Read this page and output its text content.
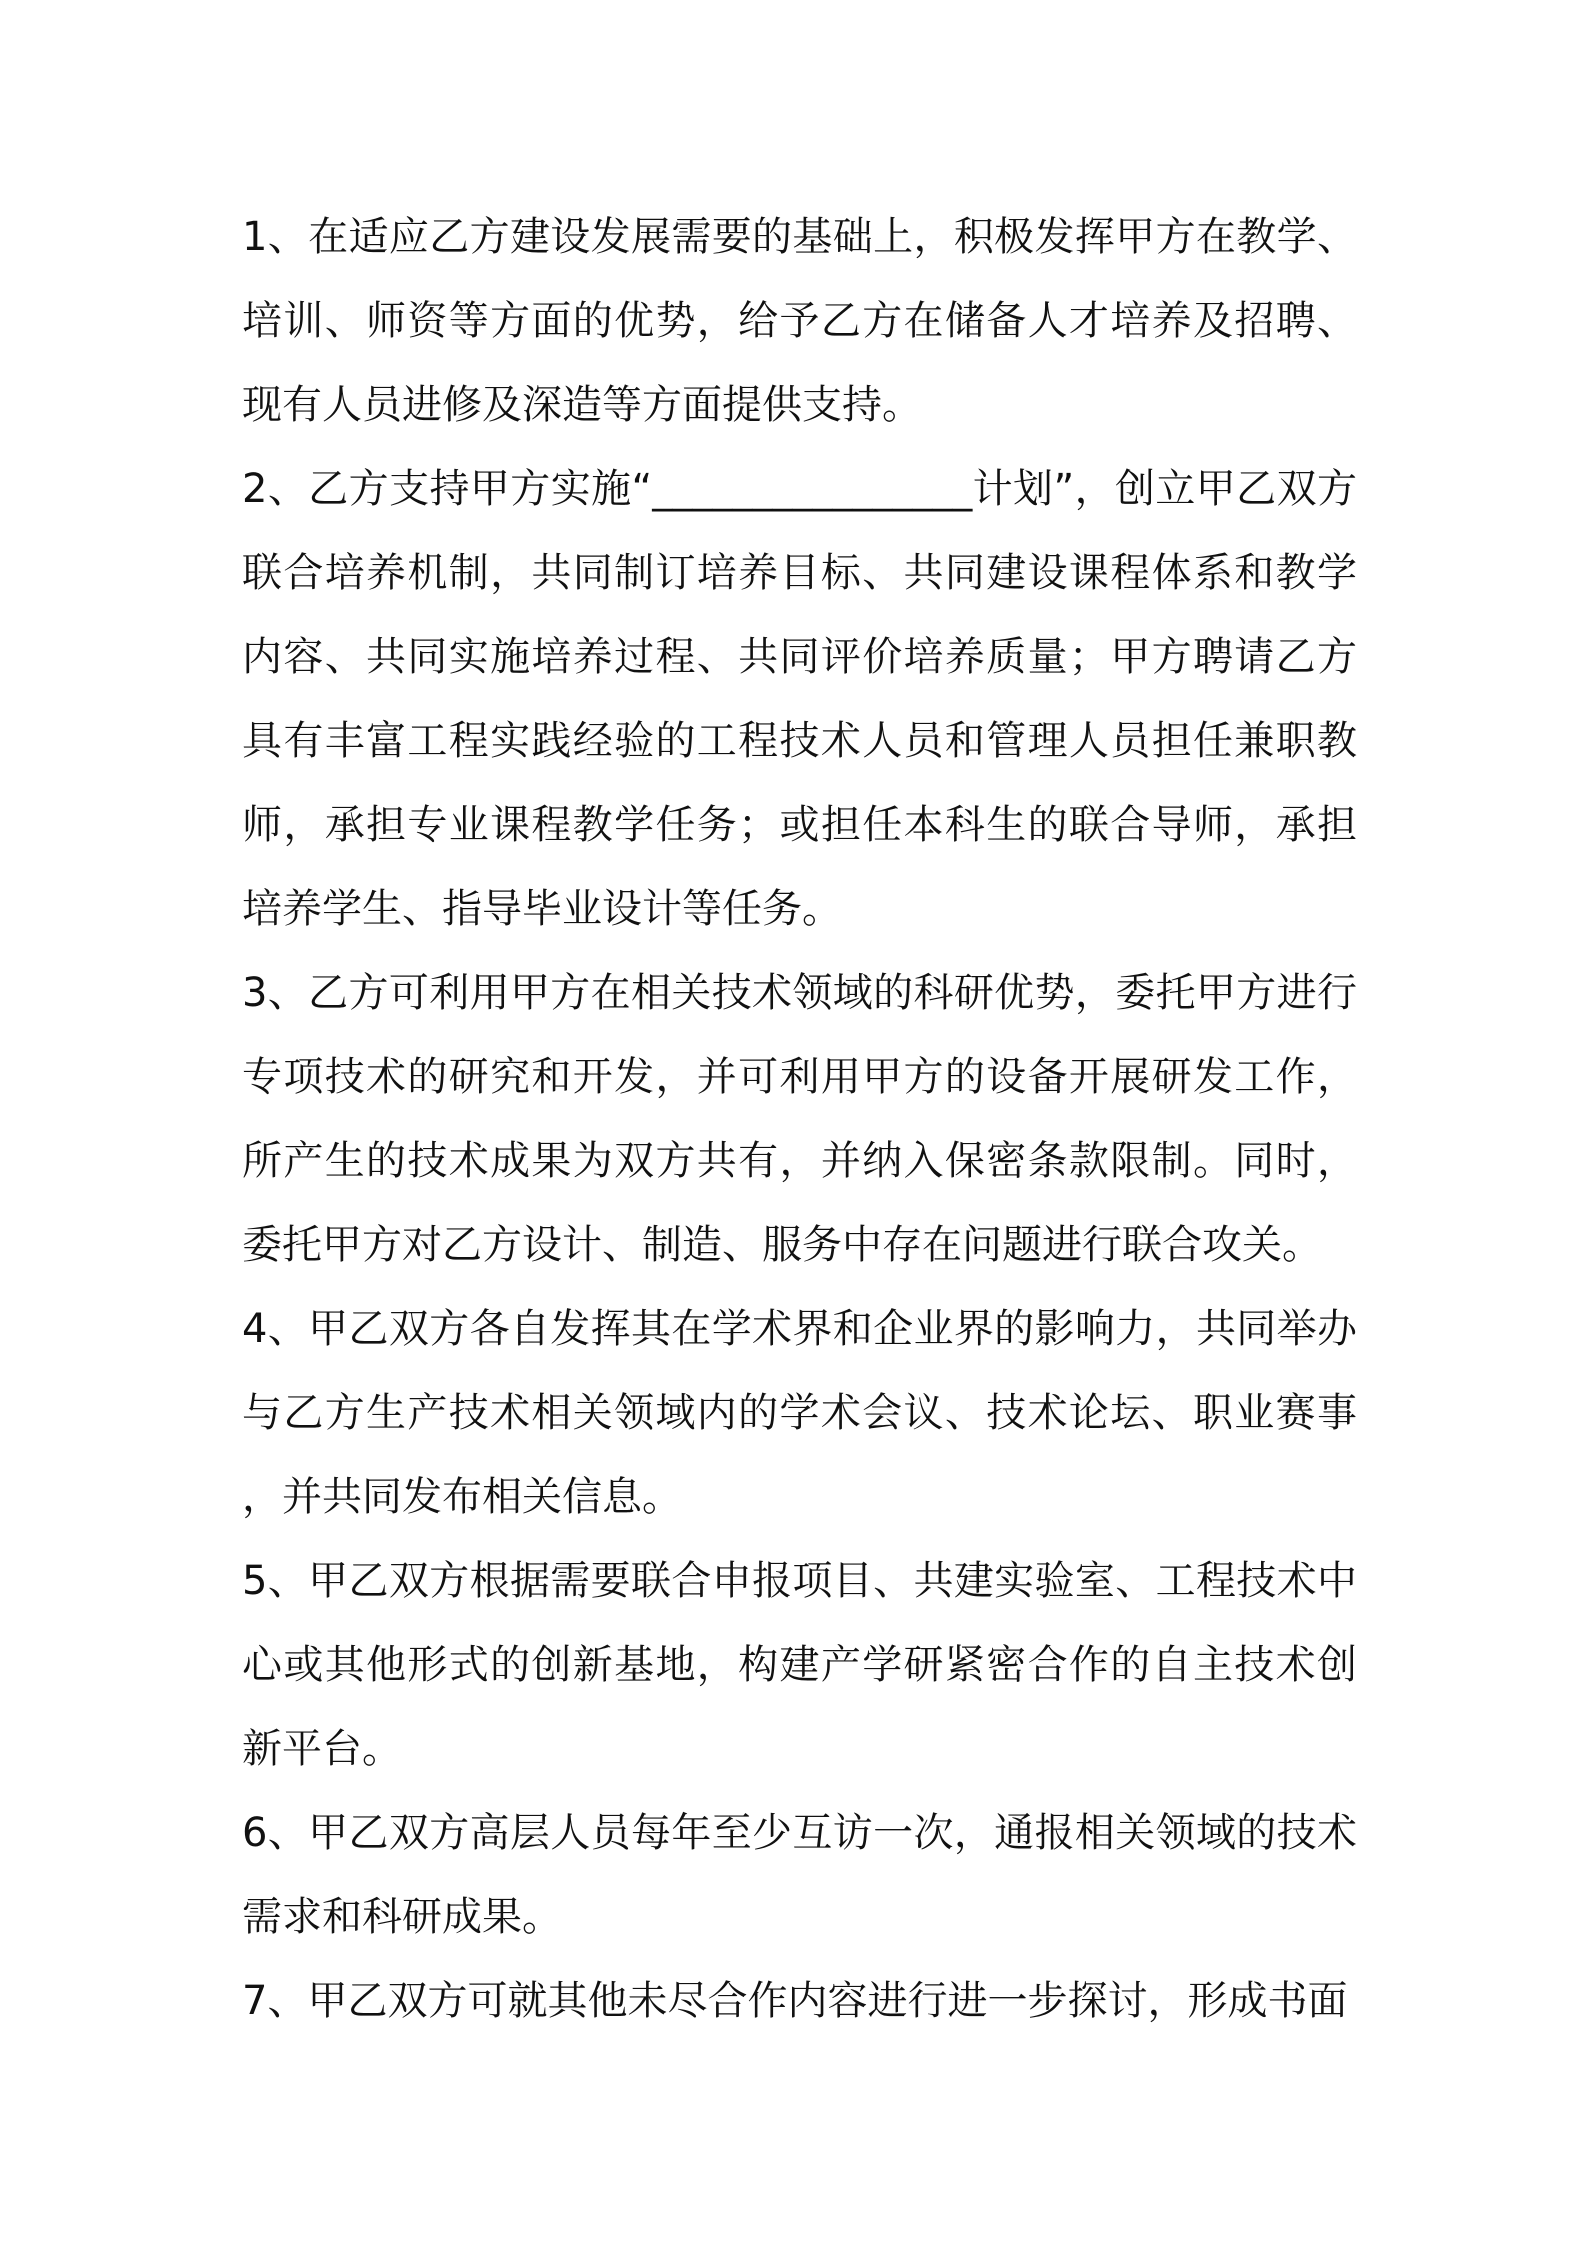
1、在适应乙方建设发展需要的基础上，积极发挥甲方在教学、培训、师资等方面的优势，给予乙方在储备人才培养及招聘、现有人员进修及深造等方面提供支持。

2、乙方支持甲方实施“________________计划”，创立甲乙双方联合培养机制，共同制订培养目标、共同建设课程体系和教学内容、共同实施培养过程、共同评价培养质量；甲方聘请乙方具有丰富工程实践经验的工程技术人员和管理人员担任兼职教师，承担专业课程教学任务；或担任本科生的联合导师，承担培养学生、指导毕业设计等任务。

3、乙方可利用甲方在相关技术领域的科研优势，委托甲方进行专项技术的研究和开发，并可利用甲方的设备开展研发工作，所产生的技术成果为双方共有，并纳入保密条款限制。同时，委托甲方对乙方设计、制造、服务中存在问题进行联合攻关。

4、甲乙双方各自发挥其在学术界和企业界的影响力，共同举办与乙方生产技术相关领域内的学术会议、技术论坛、职业赛事，并共同发布相关信息。

5、甲乙双方根据需要联合申报项目、共建实验室、工程技术中心或其他形式的创新基地，构建产学研紧密合作的自主技术创新平台。

6、甲乙双方高层人员每年至少互访一次，通报相关领域的技术需求和科研成果。

7、甲乙双方可就其他未尽合作内容进行进一步探讨，形成书面
